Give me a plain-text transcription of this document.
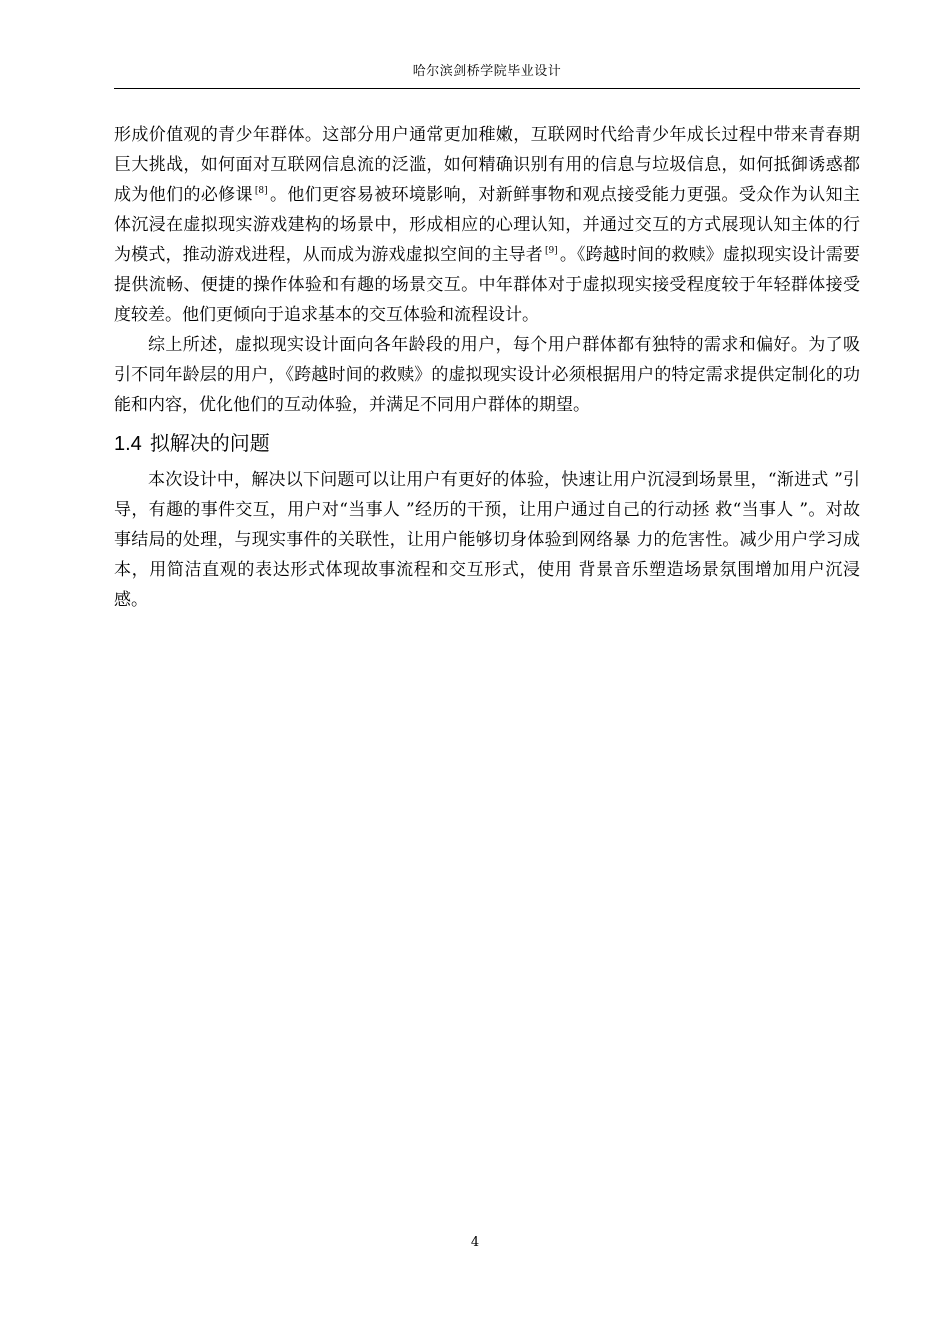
哈尔滨剑桥学院毕业设计

形成价值观的青少年群体。这部分用户通常更加稚嫩，互联网时代给青少年成长过程中带来青春期巨大挑战，如何面对互联网信息流的泛滥，如何精确识别有用的信息与垃圾信息，如何抵御诱惑都成为他们的必修课 [8] 。他们更容易被环境影响，对新鲜事物和观点接受能力更强。受众作为认知主体沉浸在虚拟现实游戏建构的场景中，形成相应的心理认知，并通过交互的方式展现认知主体的行为模式，推动游戏进程，从而成为游戏虚拟空间的主导者 [9] 。《跨越时间的救赎》虚拟现实设计需要提供流畅、便捷的操作体验和有趣的场景交互。中年群体对于虚拟现实接受程度较于年轻群体接受度较差。他们更倾向于追求基本的交互体验和流程设计。

综上所述，虚拟现实设计面向各年龄段的用户，每个用户群体都有独特的需求和偏好。为了吸引不同年龄层的用户，《跨越时间的救赎》的虚拟现实设计必须根据用户的特定需求提供定制化的功能和内容，优化他们的互动体验，并满足不同用户群体的期望。

1.4 拟解决的问题

本次设计中，解决以下问题可以让用户有更好的体验，快速让用户沉浸到场景里，“渐进式 ”引导，有趣的事件交互，用户对“当事人 ”经历的干预，让用户通过自己的行动拯 救“当事人 ”。对故事结局的处理，与现实事件的关联性，让用户能够切身体验到网络暴 力的危害性。减少用户学习成本，用简洁直观的表达形式体现故事流程和交互形式，使用 背景音乐塑造场景氛围增加用户沉浸感。

4
